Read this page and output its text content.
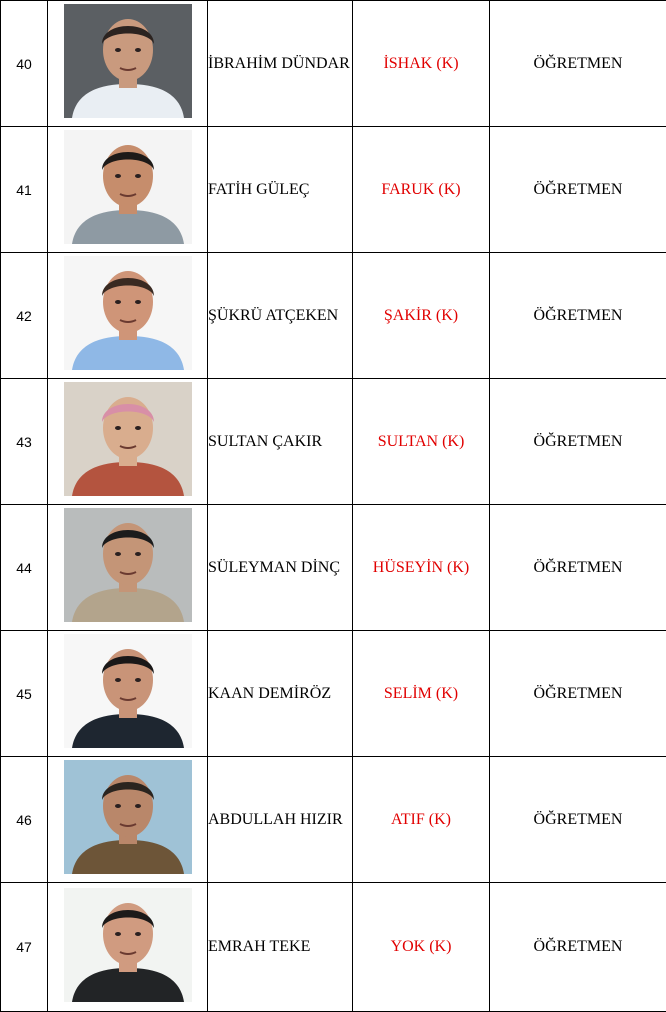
40		İBRAHİM DÜNDAR	İSHAK (K)	ÖĞRETMEN
41		FATİH GÜLEÇ	FARUK (K)	ÖĞRETMEN
42		ŞÜKRÜ ATÇEKEN	ŞAKİR (K)	ÖĞRETMEN
43		SULTAN ÇAKIR	SULTAN (K)	ÖĞRETMEN
44		SÜLEYMAN DİNÇ	HÜSEYİN (K)	ÖĞRETMEN
45		KAAN DEMİRÖZ	SELİM (K)	ÖĞRETMEN
46		ABDULLAH HIZIR	ATIF (K)	ÖĞRETMEN
47		EMRAH TEKE	YOK (K)	ÖĞRETMEN
